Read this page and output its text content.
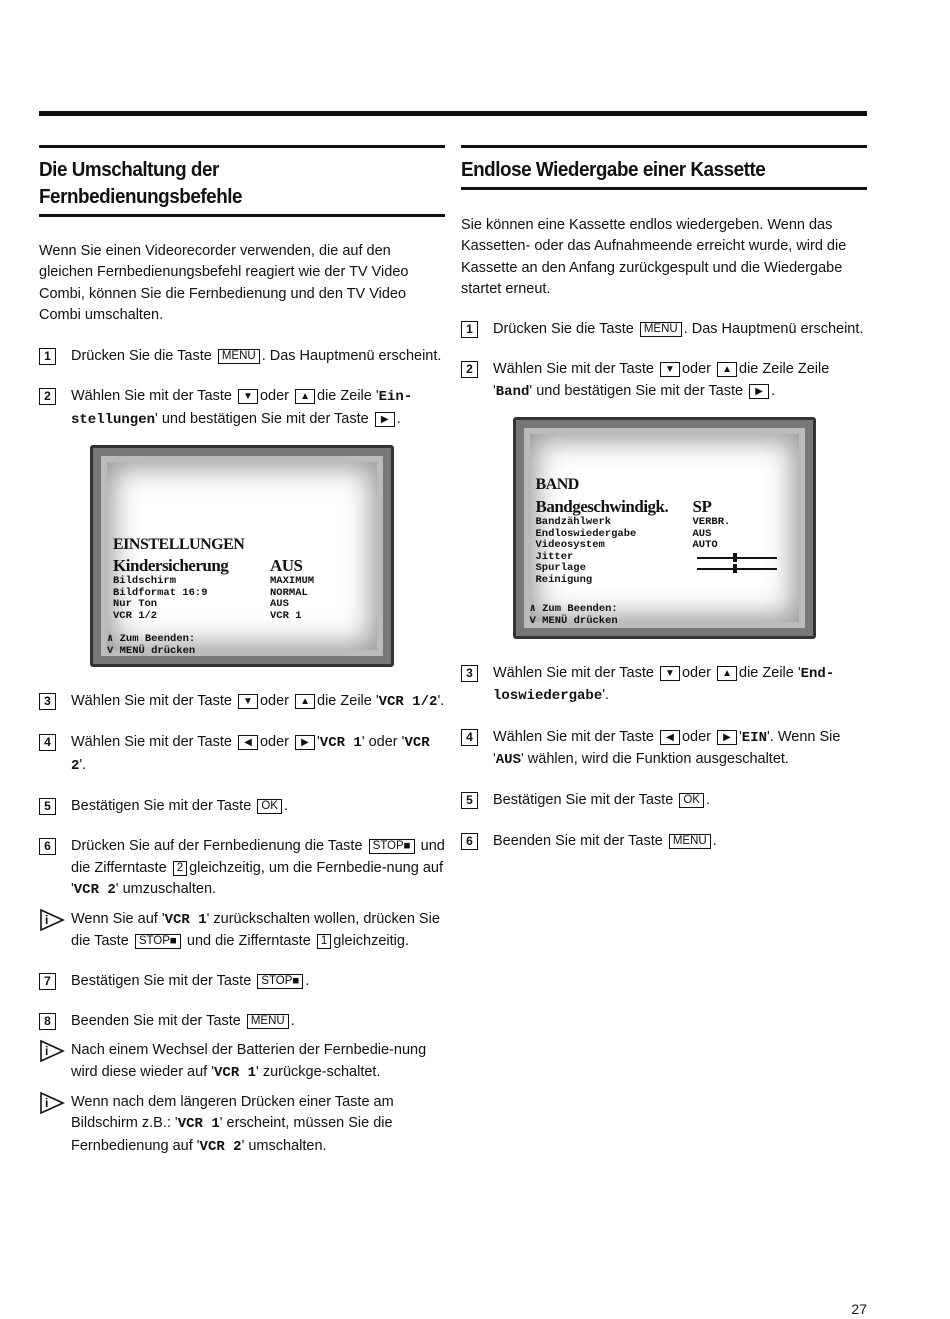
Die Umschaltung der
Fernbedienungsbefehle

Wenn Sie einen Videorecorder verwenden, die auf den gleichen Fernbedienungsbefehl reagiert wie der TV Video Combi, können Sie die Fernbedienung und den TV Video Combi umschalten.

1	Drücken Sie die Taste MENU . Das Hauptmenü erscheint.
2	Wählen Sie mit der Taste ▼ oder ▲ die Zeile 'Ein-stellungen' und bestätigen Sie mit der Taste ▶ .
EINSTELLUNGEN
Kindersicherung	AUS
Bildschirm	MAXIMUM
Bildformat 16:9	NORMAL
Nur Ton	AUS
VCR 1/2	VCR 1
∧ Zum Beenden:
V MENÜ drücken
3	Wählen Sie mit der Taste ▼ oder ▲ die Zeile 'VCR 1/2'.
4	Wählen Sie mit der Taste ◀ oder ▶ 'VCR 1' oder 'VCR 2'.
5	Bestätigen Sie mit der Taste OK .
6	Drücken Sie auf der Fernbedienung die Taste STOP■ und die Zifferntaste 2 gleichzeitig, um die Fernbedie-nung auf 'VCR 2' umzuschalten.
i Wenn Sie auf 'VCR 1' zurückschalten wollen, drücken Sie die Taste STOP■ und die Zifferntaste 1 gleichzeitig.
7	Bestätigen Sie mit der Taste STOP■ .
8	Beenden Sie mit der Taste MENU .
i Nach einem Wechsel der Batterien der Fernbedie-nung wird diese wieder auf 'VCR 1' zurückge-schaltet.
i Wenn nach dem längeren Drücken einer Taste am Bildschirm z.B.: 'VCR 1' erscheint, müssen Sie die Fernbedienung auf 'VCR 2' umschalten.
Endlose Wiedergabe einer Kassette

Sie können eine Kassette endlos wiedergeben. Wenn das Kassetten- oder das Aufnahmeende erreicht wurde, wird die Kassette an den Anfang zurückgespult und die Wiedergabe startet erneut.

1	Drücken Sie die Taste MENU . Das Hauptmenü erscheint.
2	Wählen Sie mit der Taste ▼ oder ▲ die Zeile Zeile 'Band' und bestätigen Sie mit der Taste ▶ .
BAND
Bandgeschwindigk.	SP
Bandzählwerk	VERBR.
Endloswiedergabe	AUS
Videosystem	AUTO
Jitter
Spurlage
Reinigung
∧ Zum Beenden:
V MENÜ drücken
3	Wählen Sie mit der Taste ▼ oder ▲ die Zeile 'End-loswiedergabe'.
4	Wählen Sie mit der Taste ◀ oder ▶ 'EIN'. Wenn Sie 'AUS' wählen, wird die Funktion ausgeschaltet.
5	Bestätigen Sie mit der Taste OK .
6	Beenden Sie mit der Taste MENU .
27
